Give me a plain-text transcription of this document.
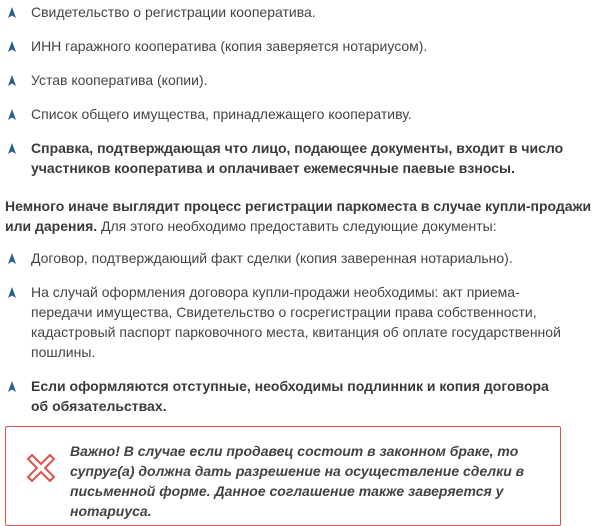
Свидетельство о регистрации кооператива.
ИНН гаражного кооператива (копия заверяется нотариусом).
Устав кооператива (копии).
Список общего имущества, принадлежащего кооперативу.
Справка, подтверждающая что лицо, подающее документы, входит в число участников кооператива и оплачивает ежемесячные паевые взносы.
Немного иначе выглядит процесс регистрации паркоместа в случае купли-продажи или дарения. Для этого необходимо предоставить следующие документы:
Договор, подтверждающий факт сделки (копия заверенная нотариально).
На случай оформления договора купли-продажи необходимы: акт приема-передачи имущества, Свидетельство о госрегистрации права собственности, кадастровый паспорт парковочного места, квитанция об оплате государственной пошлины.
Если оформляются отступные, необходимы подлинник и копия договора об обязательствах.
Важно! В случае если продавец состоит в законном браке, то супруг(а) должна дать разрешение на осуществление сделки в письменной форме. Данное соглашение также заверяется у нотариуса.
